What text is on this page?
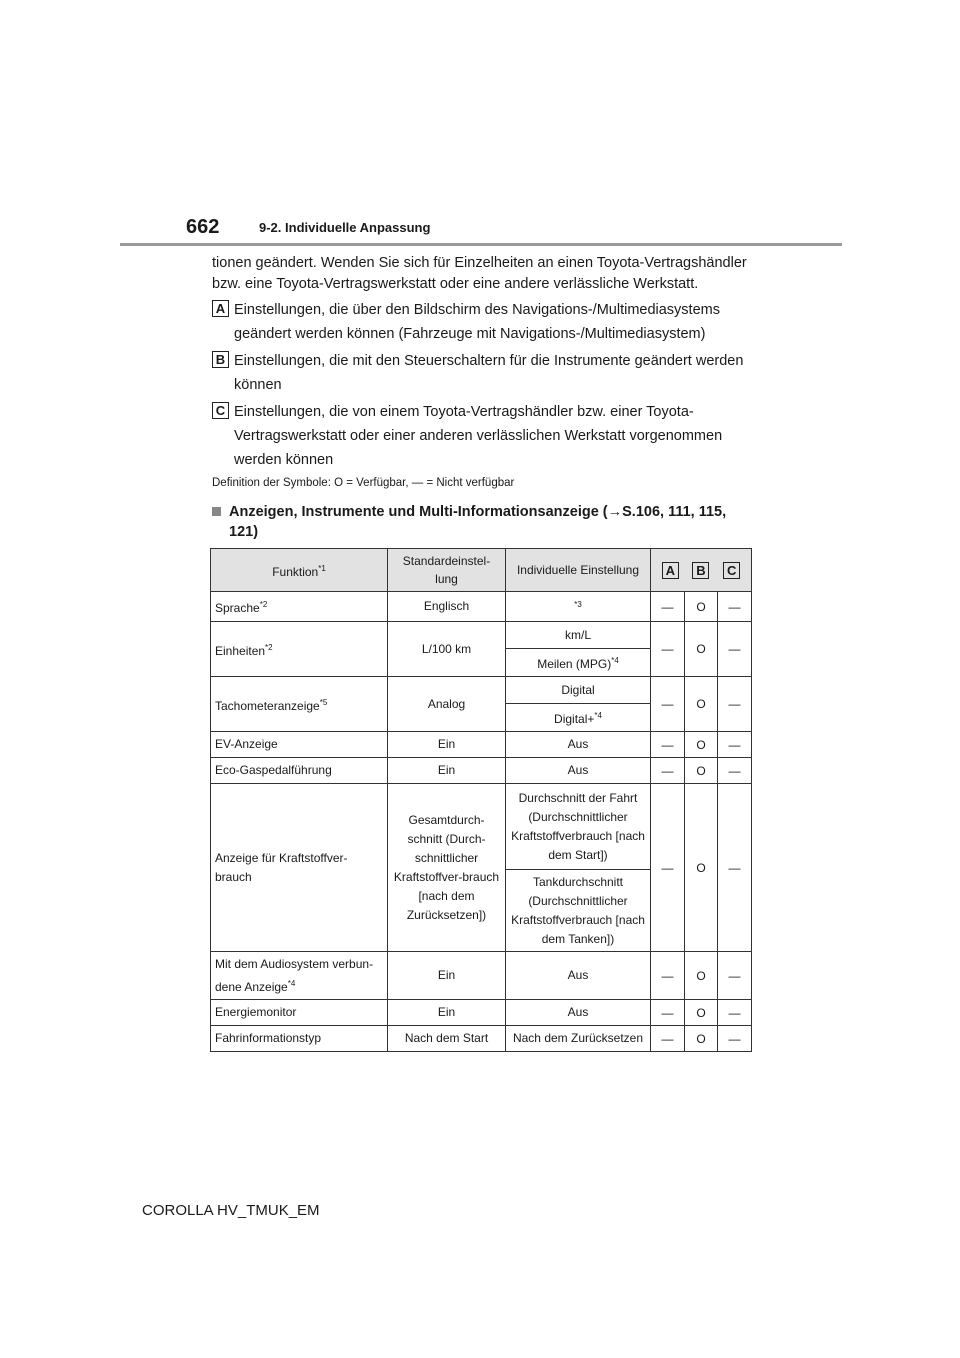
662	9-2. Individuelle Anpassung
tionen geändert. Wenden Sie sich für Einzelheiten an einen Toyota-Vertragshändler bzw. eine Toyota-Vertragswerkstatt oder eine andere verlässliche Werkstatt.
A Einstellungen, die über den Bildschirm des Navigations-/Multimediasystems geändert werden können (Fahrzeuge mit Navigations-/Multimediasystem)
B Einstellungen, die mit den Steuerschaltern für die Instrumente geändert werden können
C Einstellungen, die von einem Toyota-Vertragshändler bzw. einer Toyota-Vertragswerkstatt oder einer anderen verlässlichen Werkstatt vorgenommen werden können
Definition der Symbole: O = Verfügbar, — = Nicht verfügbar
Anzeigen, Instrumente und Multi-Informationsanzeige (→S.106, 111, 115, 121)
Funktion$^{*1}$	Standardeinstel-lung	Individuelle Einstellung	A B C		

Sprache$^{*2}$	Englisch	$^{*3}$	—	O	—
Einheiten$^{*2}$	L/100 km	km/L	—	O	—
		Meilen (MPG)$^{*4}$
Tachometeranzeige$^{*5}$	Analog	Digital	—	O	—
		Digital+$^{*4}$
EV-Anzeige	Ein	Aus	—	O	—
Eco-Gaspedalführung	Ein	Aus	—	O	—
Anzeige für Kraftstoffver-brauch	Gesamtdurch-schnitt (Durch-schnittlicher Kraftstoffver-brauch [nach dem Zurücksetzen])	Durchschnitt der Fahrt (Durchschnittlicher Kraftstoffverbrauch [nach dem Start])	—	O	—
		Tankdurchschnitt (Durchschnittlicher Kraftstoffverbrauch [nach dem Tanken])			
Mit dem Audiosystem verbun-dene Anzeige$^{*4}$	Ein	Aus	—	O	—
Energiemonitor	Ein	Aus	—	O	—
Fahrinformationstyp	Nach dem Start	Nach dem Zurücksetzen	—	O	—
COROLLA HV_TMUK_EM
